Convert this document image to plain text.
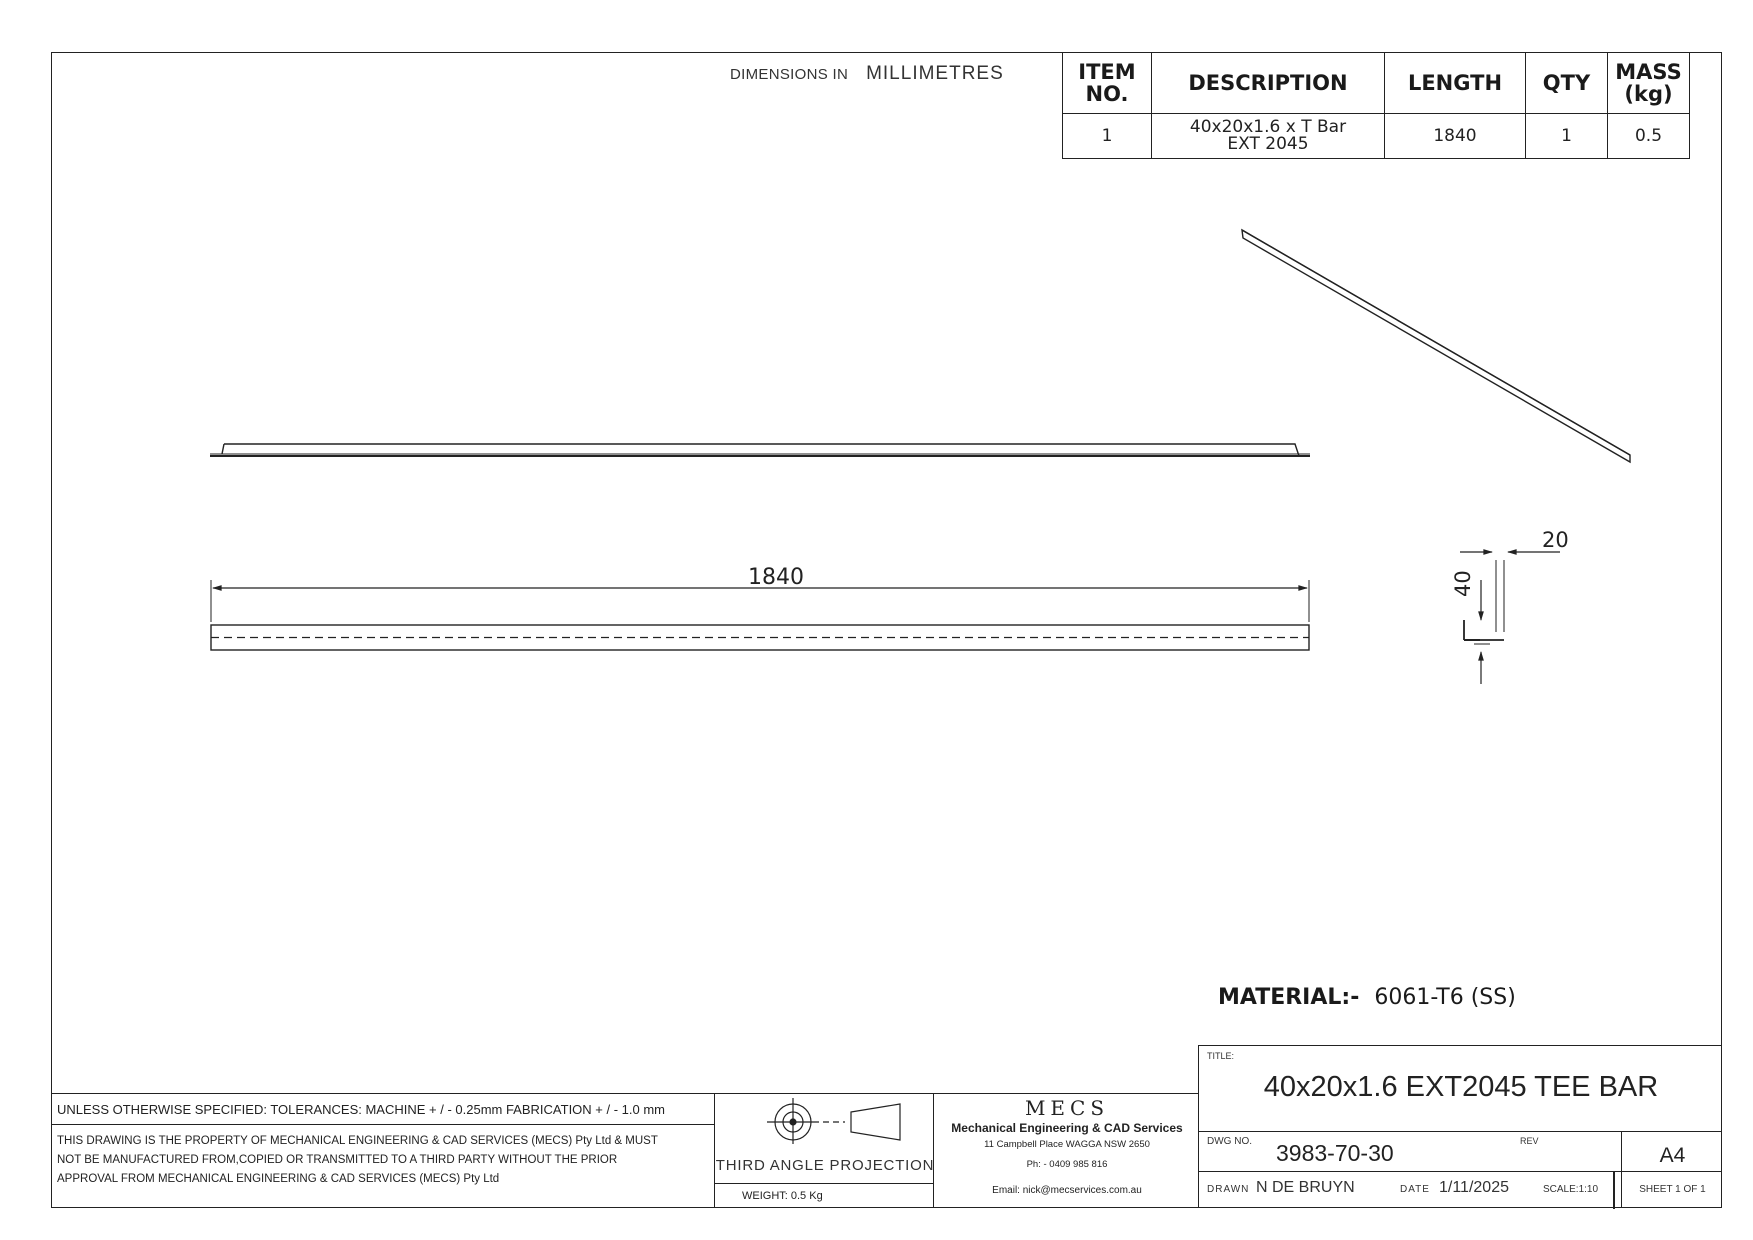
DIMENSIONS IN MILLIMETRES	ITEM NO.	DESCRIPTION	LENGTH	QTY	MASS (kg)
1	40x20x1.6 x T Bar EXT 2045	1840	1	0.5
1840
20
40
MATERIAL:- 6061-T6 (SS)
UNLESS OTHERWISE SPECIFIED: TOLERANCES: MACHINE + / - 0.25mm FABRICATION + / - 1.0 mm
THIS DRAWING IS THE PROPERTY OF MECHANICAL ENGINEERING & CAD SERVICES (MECS) Pty Ltd & MUST NOT BE MANUFACTURED FROM,COPIED OR TRANSMITTED TO A THIRD PARTY WITHOUT THE PRIOR APPROVAL FROM MECHANICAL ENGINEERING & CAD SERVICES (MECS) Pty Ltd
THIRD ANGLE PROJECTION
WEIGHT: 0.5 Kg
MECS
Mechanical Engineering & CAD Services
11 Campbell Place WAGGA NSW 2650
Ph: - 0409 985 816
Email: nick@mecservices.com.au
TITLE:
40x20x1.6 EXT2045 TEE BAR
DWG NO. 3983-70-30	REV
A4
DRAWN N DE BRUYN	DATE 1/11/2025	SCALE:1:10	SHEET 1 OF 1
